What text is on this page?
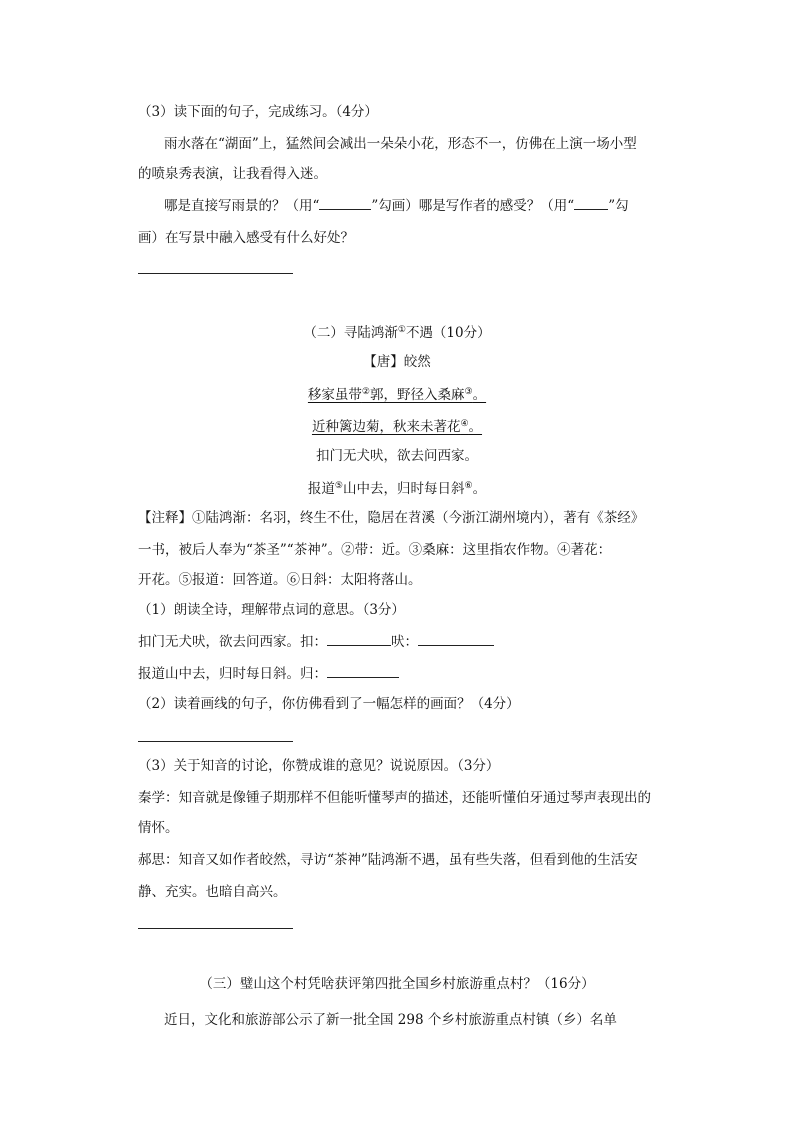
（3）读下面的句子，完成练习。（4分）
雨水落在“湖面”上，猛然间会减出一朵朵小花，形态不一，仿佛在上演一场小型
的喷泉秀表演，让我看得入迷。
哪是直接写雨景的？（用“	”勾画）哪是写作者的感受？（用“	”勾
画）在写景中融入感受有什么好处？
（二）寻陆鸿渐①不遇（10分）
【唐】皎然
移家虽带②郭，野径入桑麻③。
近种篱边菊，秋来未著花④。
扣门无犬吠，欲去问西家。
报道⑤山中去，归时每日斜⑥。
【注释】①陆鸿渐：名羽，终生不仕，隐居在苕溪（今浙江湖州境内），著有《茶经》
一书，被后人奉为“茶圣”“茶神”。②带：近。③桑麻：这里指农作物。④著花：
开花。⑤报道：回答道。⑥日斜：太阳将落山。
（1）朗读全诗，理解带点词的意思。（3分）
扣门无犬吠，欲去问西家。扣：	吠：
报道山中去，归时每日斜。归：
（2）读着画线的句子，你仿佛看到了一幅怎样的画面？（4分）
（3）关于知音的讨论，你赞成谁的意见？说说原因。（3分）
秦学：知音就是像锺子期那样不但能听懂琴声的描述，还能听懂伯牙通过琴声表现出的
情怀。
郝思：知音又如作者皎然，寻访“茶神”陆鸿渐不遇，虽有些失落，但看到他的生活安
静、充实。也暗自高兴。
（三）璧山这个村凭啥获评第四批全国乡村旅游重点村？（16分）
近日，文化和旅游部公示了新一批全国 298 个乡村旅游重点村镇（乡）名单
